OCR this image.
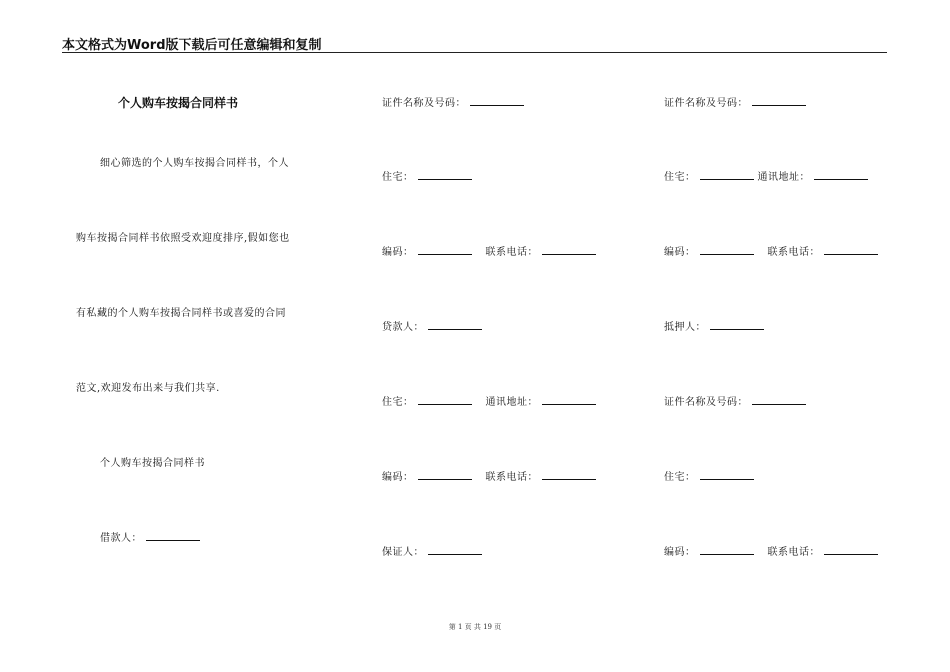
本文格式为Word版下载后可任意编辑和复制
个人购车按揭合同样书
细心筛选的个人购车按揭合同样书，个人
购车按揭合同样书依照受欢迎度排序,假如您也
有私藏的个人购车按揭合同样书或喜爱的合同
范文,欢迎发布出来与我们共享.
个人购车按揭合同样书
借款人：
证件名称及号码：
住宅：
编码：	联系电话：
贷款人：
住宅：	通讯地址：
编码：	联系电话：
保证人：
证件名称及号码：
住宅：	通讯地址：
编码：	联系电话：
抵押人：
证件名称及号码：
住宅：
编码：	联系电话：
第 1 页 共 19 页
